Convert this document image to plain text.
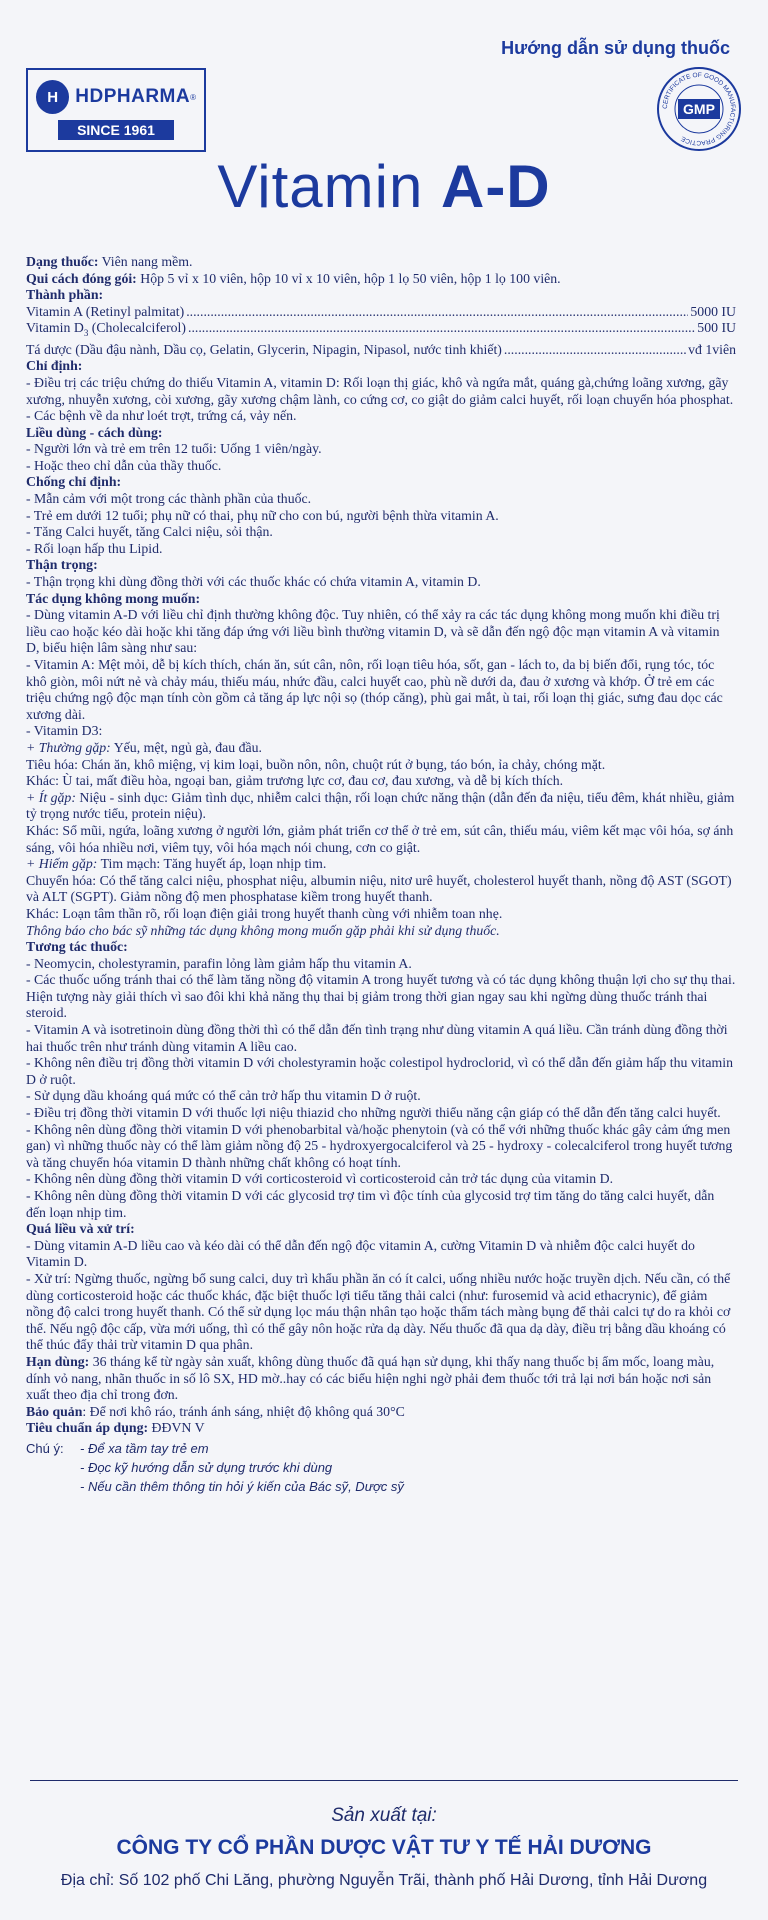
Hướng dẫn sử dụng thuốc
H HDPHARMA ®
SINCE 1961
CERTIFICATE OF GOOD MANUFACTURING PRACTICE
GMP
Vitamin A-D

Dạng thuốc: Viên nang mềm.

Qui cách đóng gói: Hộp 5 vỉ x 10 viên, hộp 10 vỉ x 10 viên, hộp 1 lọ 50 viên, hộp 1 lọ 100 viên.

Thành phần:

Vitamin A (Retinyl palmitat) .....	5000 IU
Vitamin $D_3$ (Cholecalciferol) .....	500 IU
Tá dược (Dầu đậu nành, Dầu cọ, Gelatin, Glycerin, Nipagin, Nipasol, nước tinh khiết) .....	vđ 1viên

Chỉ định:

- Điều trị các triệu chứng do thiếu Vitamin A, vitamin D: Rối loạn thị giác, khô và ngứa mắt, quáng gà,chứng loãng xương, gãy xương, nhuyễn xương, còi xương, gãy xương chậm lành, co cứng cơ, co giật do giảm calci huyết, rối loạn chuyển hóa phosphat.

- Các bệnh về da như loét trợt, trứng cá, vảy nến.

Liều dùng - cách dùng:

- Người lớn và trẻ em trên 12 tuổi: Uống 1 viên/ngày.

- Hoặc theo chỉ dẫn của thầy thuốc.

Chống chỉ định:

- Mẫn cảm với một trong các thành phần của thuốc.

- Trẻ em dưới 12 tuổi; phụ nữ có thai, phụ nữ cho con bú, người bệnh thừa vitamin A.

- Tăng Calci huyết, tăng Calci niệu, sỏi thận.

- Rối loạn hấp thu Lipid.

Thận trọng:

- Thận trọng khi dùng đồng thời với các thuốc khác có chứa vitamin A, vitamin D.

Tác dụng không mong muốn:

- Dùng vitamin A-D với liều chỉ định thường không độc. Tuy nhiên, có thể xảy ra các tác dụng không mong muốn khi điều trị liều cao hoặc kéo dài hoặc khi tăng đáp ứng với liều bình thường vitamin D, và sẽ dẫn đến ngộ độc mạn vitamin A và vitamin D, biểu hiện lâm sàng như sau:

- Vitamin A: Mệt mỏi, dễ bị kích thích, chán ăn, sút cân, nôn, rối loạn tiêu hóa, sốt, gan - lách to, da bị biến đổi, rụng tóc, tóc khô giòn, môi nứt nẻ và chảy máu, thiếu máu, nhức đầu, calci huyết cao, phù nề dưới da, đau ở xương và khớp. Ở trẻ em các triệu chứng ngộ độc mạn tính còn gồm cả tăng áp lực nội sọ (thóp căng), phù gai mắt, ù tai, rối loạn thị giác, sưng đau dọc các xương dài.

- Vitamin D3:

+ Thường gặp: Yếu, mệt, ngủ gà, đau đầu.

Tiêu hóa: Chán ăn, khô miệng, vị kim loại, buồn nôn, nôn, chuột rút ở bụng, táo bón, ỉa chảy, chóng mặt.

Khác: Ù tai, mất điều hòa, ngoại ban, giảm trương lực cơ, đau cơ, đau xương, và dễ bị kích thích.

+ Ít gặp: Niệu - sinh dục: Giảm tình dục, nhiễm calci thận, rối loạn chức năng thận (dẫn đến đa niệu, tiểu đêm, khát nhiều, giảm tỷ trọng nước tiểu, protein niệu).

Khác: Sổ mũi, ngứa, loãng xương ở người lớn, giảm phát triển cơ thể ở trẻ em, sút cân, thiếu máu, viêm kết mạc vôi hóa, sợ ánh sáng, vôi hóa nhiều nơi, viêm tụy, vôi hóa mạch nói chung, cơn co giật.

+ Hiếm gặp: Tim mạch: Tăng huyết áp, loạn nhịp tim.

Chuyển hóa: Có thể tăng calci niệu, phosphat niệu, albumin niệu, nitơ urê huyết, cholesterol huyết thanh, nồng độ AST (SGOT) và ALT (SGPT). Giảm nồng độ men phosphatase kiềm trong huyết thanh.

Khác: Loạn tâm thần rõ, rối loạn điện giải trong huyết thanh cùng với nhiễm toan nhẹ.

Thông báo cho bác sỹ những tác dụng không mong muốn gặp phải khi sử dụng thuốc.

Tương tác thuốc:

- Neomycin, cholestyramin, parafin lỏng làm giảm hấp thu vitamin A.

- Các thuốc uống tránh thai có thể làm tăng nồng độ vitamin A trong huyết tương và có tác dụng không thuận lợi cho sự thụ thai. Hiện tượng này giải thích vì sao đôi khi khả năng thụ thai bị giảm trong thời gian ngay sau khi ngừng dùng thuốc tránh thai steroid.

- Vitamin A và isotretinoin dùng đồng thời thì có thể dẫn đến tình trạng như dùng vitamin A quá liều. Cần tránh dùng đồng thời hai thuốc trên như tránh dùng vitamin A liều cao.

- Không nên điều trị đồng thời vitamin D với cholestyramin hoặc colestipol hydroclorid, vì có thể dẫn đến giảm hấp thu vitamin D ở ruột.

- Sử dụng dầu khoáng quá mức có thể cản trở hấp thu vitamin D ở ruột.

- Điều trị đồng thời vitamin D với thuốc lợi niệu thiazid cho những người thiểu năng cận giáp có thể dẫn đến tăng calci huyết.

- Không nên dùng đồng thời vitamin D với phenobarbital và/hoặc phenytoin (và có thể với những thuốc khác gây cảm ứng men gan) vì những thuốc này có thể làm giảm nồng độ 25 - hydroxyergocalciferol và 25 - hydroxy - colecalciferol trong huyết tương và tăng chuyển hóa vitamin D thành những chất không có hoạt tính.

- Không nên dùng đồng thời vitamin D với corticosteroid vì corticosteroid cản trở tác dụng của vitamin D.

- Không nên dùng đồng thời vitamin D với các glycosid trợ tim vì độc tính của glycosid trợ tim tăng do tăng calci huyết, dẫn đến loạn nhịp tim.

Quá liều và xử trí:

- Dùng vitamin A-D liều cao và kéo dài có thể dẫn đến ngộ độc vitamin A, cường Vitamin D và nhiễm độc calci huyết do Vitamin D.

- Xử trí: Ngừng thuốc, ngừng bổ sung calci, duy trì khẩu phần ăn có ít calci, uống nhiều nước hoặc truyền dịch. Nếu cần, có thể dùng corticosteroid hoặc các thuốc khác, đặc biệt thuốc lợi tiểu tăng thải calci (như: furosemid và acid ethacrynic), để giảm nồng độ calci trong huyết thanh. Có thể sử dụng lọc máu thận nhân tạo hoặc thẩm tách màng bụng để thải calci tự do ra khỏi cơ thể. Nếu ngộ độc cấp, vừa mới uống, thì có thể gây nôn hoặc rửa dạ dày. Nếu thuốc đã qua dạ dày, điều trị bằng dầu khoáng có thể thúc đẩy thải trừ vitamin D qua phân.

Hạn dùng: 36 tháng kể từ ngày sản xuất, không dùng thuốc đã quá hạn sử dụng, khi thấy nang thuốc bị ẩm mốc, loang màu, dính vỏ nang, nhãn thuốc in số lô SX, HD mờ..hay có các biểu hiện nghi ngờ phải đem thuốc tới trả lại nơi bán hoặc nơi sản xuất theo địa chỉ trong đơn.

Bảo quản: Để nơi khô ráo, tránh ánh sáng, nhiệt độ không quá 30°C

Tiêu chuẩn áp dụng: ĐĐVN V

Chú ý:	- Để xa tầm tay trẻ em
- Đọc kỹ hướng dẫn sử dụng trước khi dùng
- Nếu cần thêm thông tin hỏi ý kiến của Bác sỹ, Dược sỹ
Sản xuất tại:
CÔNG TY CỔ PHẦN DƯỢC VẬT TƯ Y TẾ HẢI DƯƠNG
Địa chỉ: Số 102 phố Chi Lăng, phường Nguyễn Trãi, thành phố Hải Dương, tỉnh Hải Dương
